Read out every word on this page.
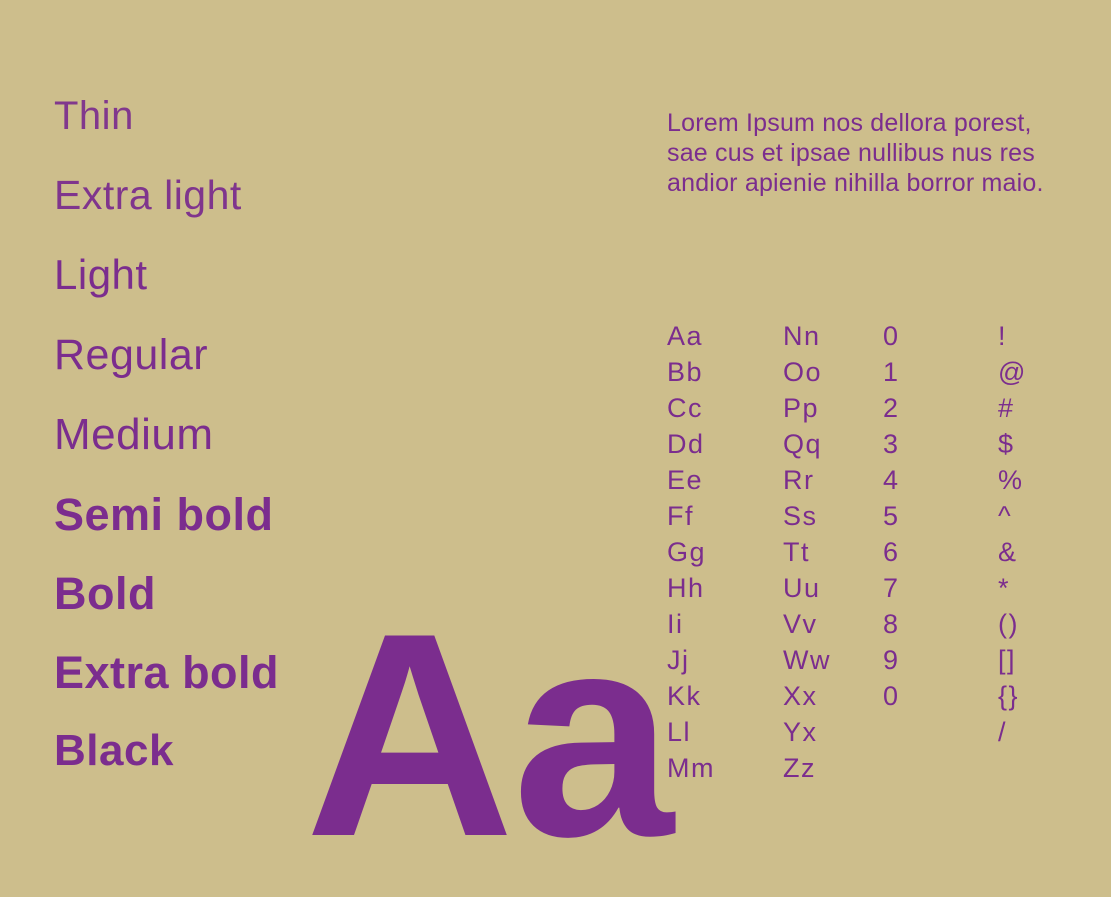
Thin
Extra light
Light
Regular
Medium
Semi bold
Bold
Extra bold
Black Aa
Lorem Ipsum nos dellora porest, sae cus et ipsae nullibus nus res andior apienie nihilla borror maio.
Aa
Bb
Cc
Dd
Ee
Ff
Gg
Hh
Ii
Jj
Kk
Ll
Mm
Nn
Oo
Pp
Qq
Rr
Ss
Tt
Uu
Vv
Ww
Xx
Yx
Zz
0
1
2
3
4
5
6
7
8
9
0
!
@
#
$
%
^
&
*
()
[]
{}
/
